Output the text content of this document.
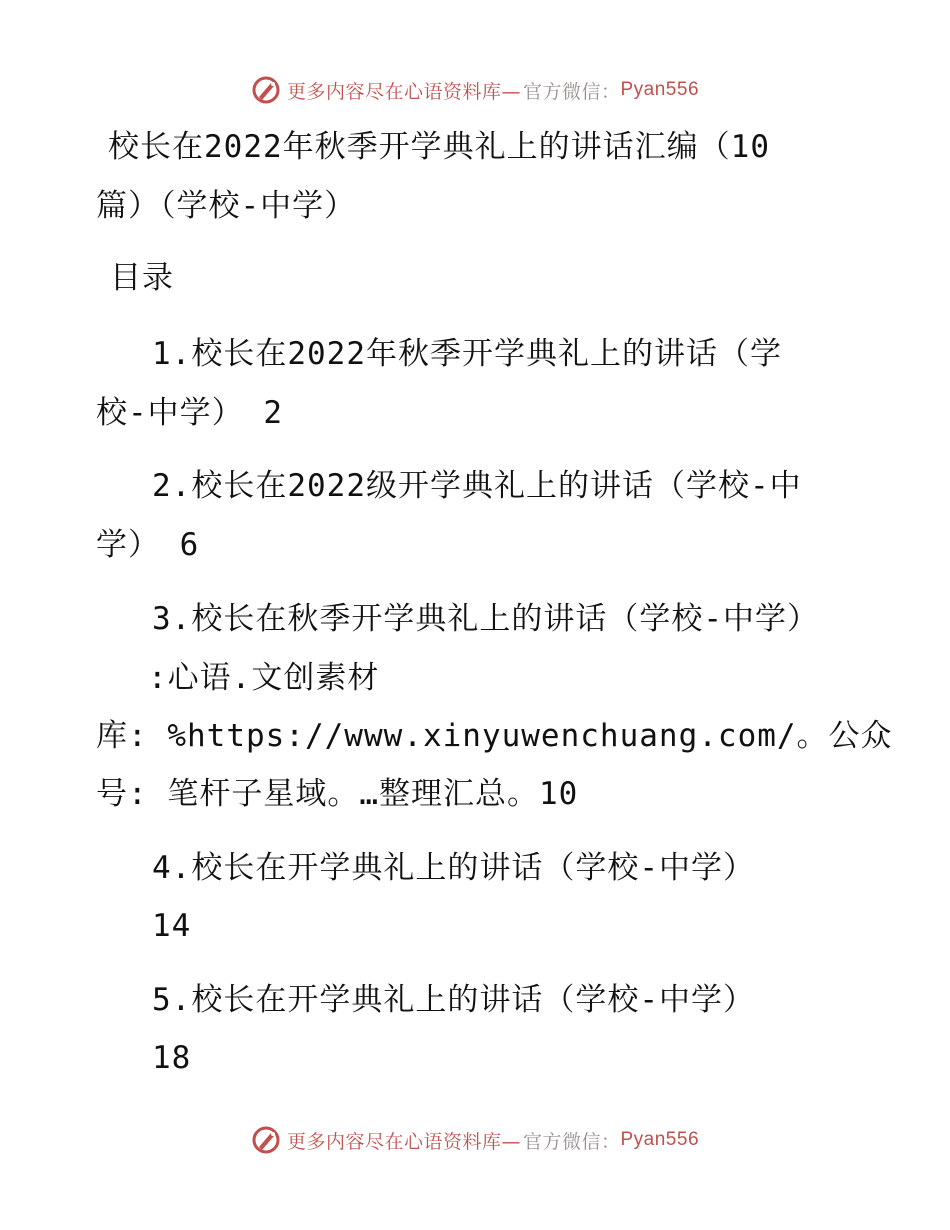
更多内容尽在心语资料库— 官方微信： Pyan556
校长在2022年秋季开学典礼上的讲话汇编（10
篇）（学校-中学）
目录
1.校长在2022年秋季开学典礼上的讲话（学
校-中学） 2
2.校长在2022级开学典礼上的讲话（学校-中
学） 6
3.校长在秋季开学典礼上的讲话（学校-中学）
:心语.文创素材
库: %https://www.xinyuwenchuang.com/。公众
号: 笔杆子星域。…整理汇总。10
4.校长在开学典礼上的讲话（学校-中学）
14
5.校长在开学典礼上的讲话（学校-中学）
18
更多内容尽在心语资料库— 官方微信： Pyan556
